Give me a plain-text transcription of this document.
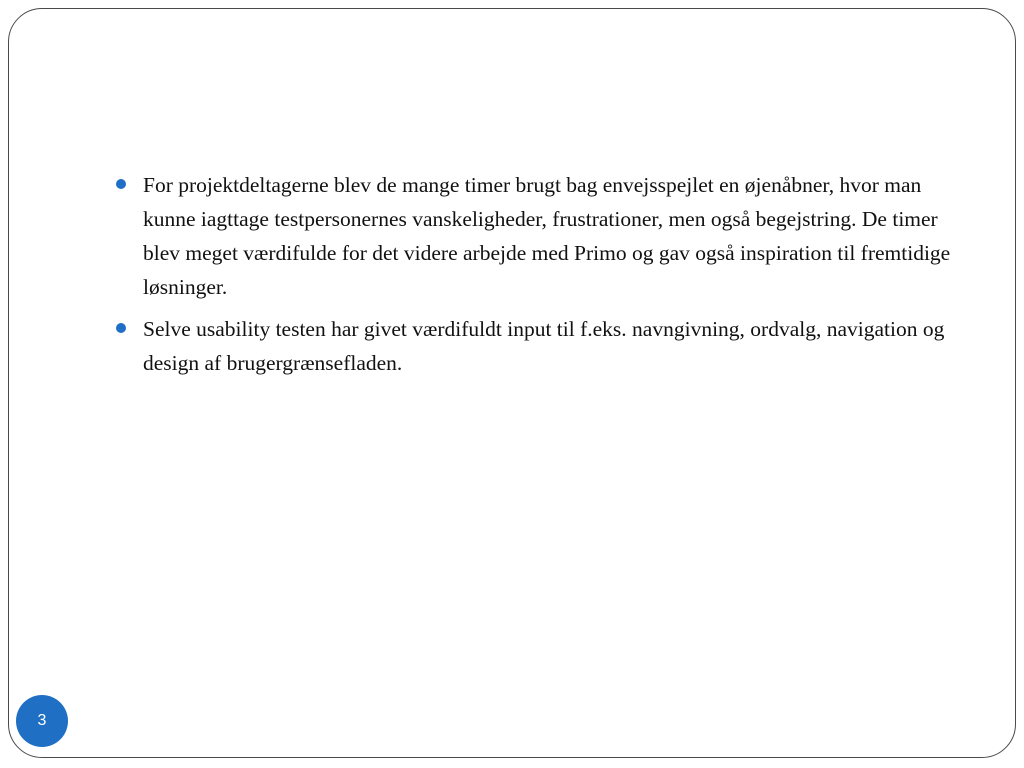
For projektdeltagerne blev de mange timer brugt bag envejsspejlet en øjenåbner, hvor man kunne iagttage testpersonernes vanskeligheder, frustrationer, men også begejstring. De timer blev meget værdifulde for det videre arbejde med Primo og gav også inspiration til fremtidige løsninger.
Selve usability testen har givet værdifuldt input til f.eks. navngivning, ordvalg, navigation og design af brugergrænsefladen.
3
